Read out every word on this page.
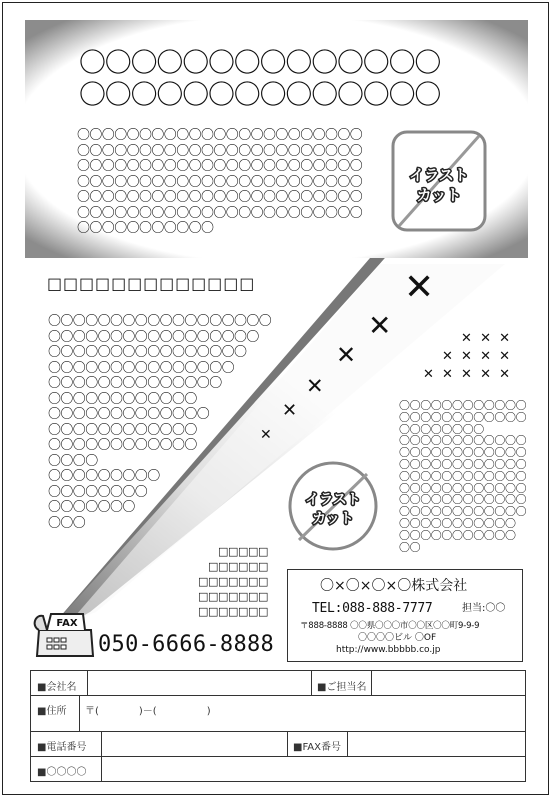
〇〇〇〇〇〇〇〇〇〇〇〇〇〇
〇〇〇〇〇〇〇〇〇〇〇〇〇〇
〇〇〇〇〇〇〇〇〇〇〇〇〇〇〇〇〇〇〇〇〇〇〇
〇〇〇〇〇〇〇〇〇〇〇〇〇〇〇〇〇〇〇〇〇〇〇
〇〇〇〇〇〇〇〇〇〇〇〇〇〇〇〇〇〇〇〇〇〇〇
〇〇〇〇〇〇〇〇〇〇〇〇〇〇〇〇〇〇〇〇〇〇〇
〇〇〇〇〇〇〇〇〇〇〇〇〇〇〇〇〇〇〇〇〇〇〇
〇〇〇〇〇〇〇〇〇〇〇〇〇〇〇〇〇〇〇〇〇〇〇
〇〇〇〇〇〇〇〇〇〇〇
イラスト
カット
イラスト
カット
□□□□□□□□□□□□□
〇〇〇〇〇〇〇〇〇〇〇〇〇〇〇〇〇〇
〇〇〇〇〇〇〇〇〇〇〇〇〇〇〇〇〇
〇〇〇〇〇〇〇〇〇〇〇〇〇〇〇〇
〇〇〇〇〇〇〇〇〇〇〇〇〇〇〇
〇〇〇〇〇〇〇〇〇〇〇〇〇〇
〇〇〇〇〇〇〇〇〇〇〇〇
〇〇〇〇〇〇〇〇〇〇〇〇〇
〇〇〇〇〇〇〇〇〇〇〇〇
〇〇〇〇〇〇〇〇〇〇〇〇
〇〇〇〇
〇〇〇〇〇〇〇〇〇
〇〇〇〇〇〇〇〇
〇〇〇〇〇〇〇
〇〇〇
✕
✕
✕
✕
✕
✕
✕ ✕ ✕
✕ ✕ ✕ ✕
✕ ✕ ✕ ✕ ✕
〇〇〇〇〇〇〇〇〇〇〇〇
〇〇〇〇〇〇〇〇〇〇〇〇
〇〇〇〇〇〇〇〇
〇〇〇〇〇〇〇〇〇〇〇〇
〇〇〇〇〇〇〇〇〇〇〇〇
〇〇〇〇〇〇〇〇〇〇〇〇
〇〇〇〇〇〇〇〇〇〇〇〇
〇〇〇〇〇〇〇〇〇〇〇〇
〇〇〇〇〇〇〇〇〇〇〇〇
〇〇〇〇〇〇〇〇〇〇〇〇
〇〇〇〇〇〇〇〇〇〇〇
〇〇〇〇〇〇〇〇〇〇〇
〇〇
□□□□□
□□□□□□
□□□□□□□
□□□□□□□
□□□□□□□
FAX
050-6666-8888
〇×〇×〇×〇株式会社
TEL:088-888-7777	担当:〇〇
〒888-8888 〇〇県〇〇〇市〇〇区〇〇町9-9-9
〇〇〇〇ビル 〇OF
http://www.bbbbb.co.jp
■会社名	■ご担当名
■住所 〒(　　　　)－(　　　　　)
■電話番号	■FAX番号
■〇〇〇〇
